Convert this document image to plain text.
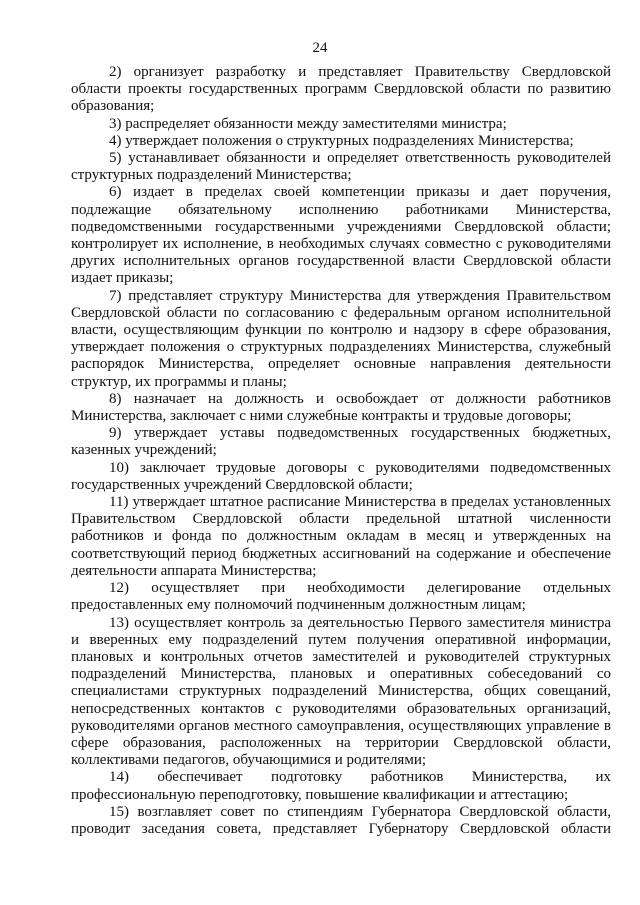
24

2) организует разработку и представляет Правительству Свердловской области проекты государственных программ Свердловской области по развитию образования;

3) распределяет обязанности между заместителями министра;

4) утверждает положения о структурных подразделениях Министерства;

5) устанавливает обязанности и определяет ответственность руководителей структурных подразделений Министерства;

6) издает в пределах своей компетенции приказы и дает поручения, подлежащие обязательному исполнению работниками Министерства, подведомственными государственными учреждениями Свердловской области; контролирует их исполнение, в необходимых случаях совместно с руководителями других исполнительных органов государственной власти Свердловской области издает приказы;

7) представляет структуру Министерства для утверждения Правительством Свердловской области по согласованию с федеральным органом исполнительной власти, осуществляющим функции по контролю и надзору в сфере образования, утверждает положения о структурных подразделениях Министерства, служебный распорядок Министерства, определяет основные направления деятельности структур, их программы и планы;

8) назначает на должность и освобождает от должности работников Министерства, заключает с ними служебные контракты и трудовые договоры;

9) утверждает уставы подведомственных государственных бюджетных, казенных учреждений;

10) заключает трудовые договоры с руководителями подведомственных государственных учреждений Свердловской области;

11) утверждает штатное расписание Министерства в пределах установленных Правительством Свердловской области предельной штатной численности работников и фонда по должностным окладам в месяц и утвержденных на соответствующий период бюджетных ассигнований на содержание и обеспечение деятельности аппарата Министерства;

12) осуществляет при необходимости делегирование отдельных предоставленных ему полномочий подчиненным должностным лицам;

13) осуществляет контроль за деятельностью Первого заместителя министра и вверенных ему подразделений путем получения оперативной информации, плановых и контрольных отчетов заместителей и руководителей структурных подразделений Министерства, плановых и оперативных собеседований со специалистами структурных подразделений Министерства, общих совещаний, непосредственных контактов с руководителями образовательных организаций, руководителями органов местного самоуправления, осуществляющих управление в сфере образования, расположенных на территории Свердловской области, коллективами педагогов, обучающимися и родителями;

14) обеспечивает подготовку работников Министерства, их профессиональную переподготовку, повышение квалификации и аттестацию;

15) возглавляет совет по стипендиям Губернатора Свердловской области, проводит заседания совета, представляет Губернатору Свердловской области
